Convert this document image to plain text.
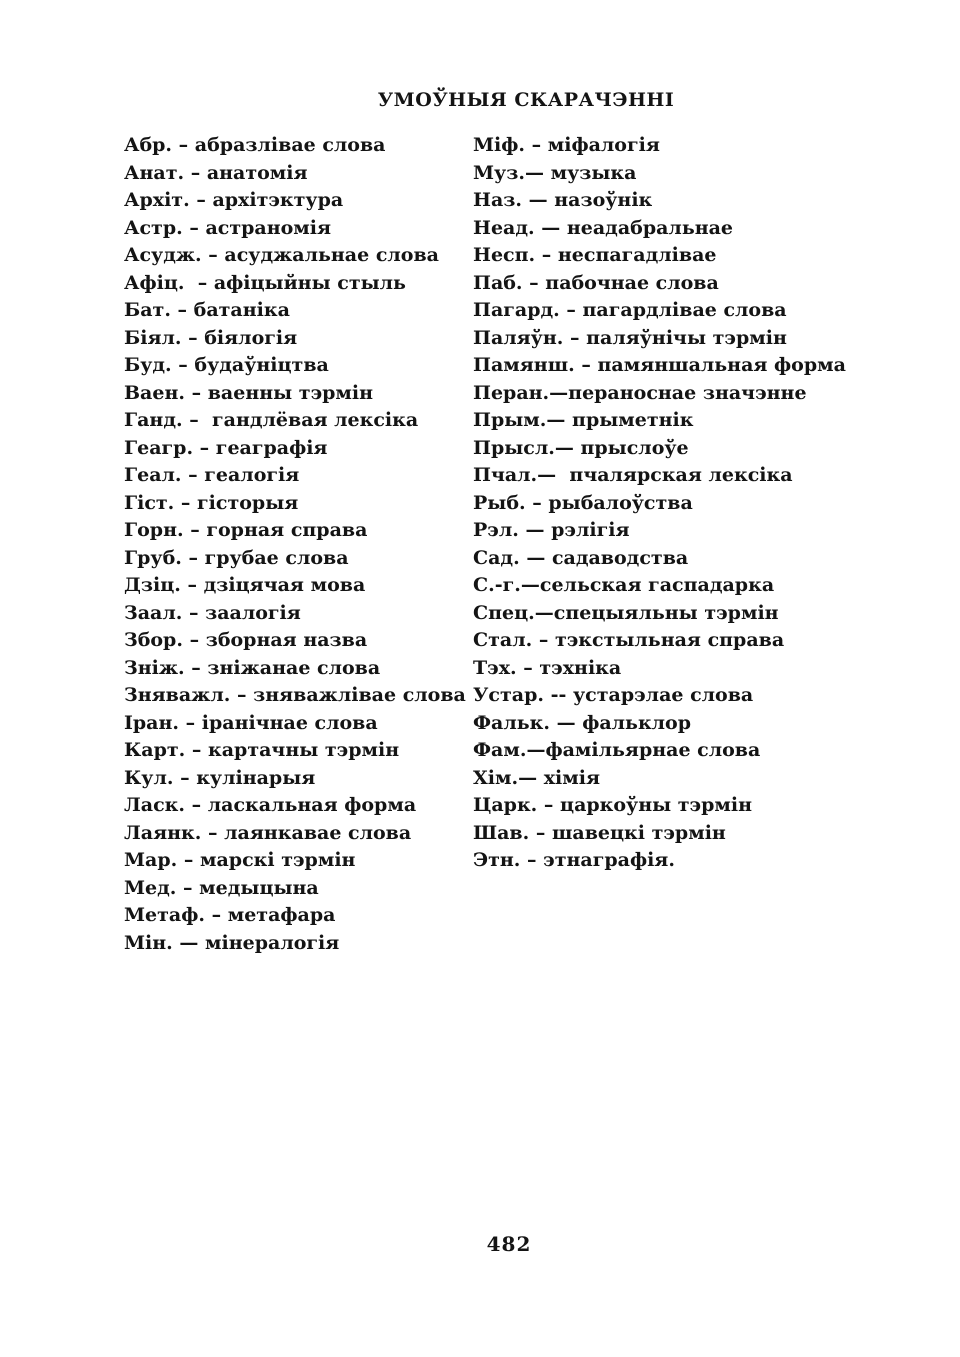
УМОЎНЫЯ СКАРАЧЭННІ
Абр. – абразлівае слова
Анат. – анатомія
Архіт. – архітэктура
Астр. – астраномія
Асудж. – асуджальнае слова
Афіц.  – афіцыйны стыль
Бат. – батаніка
Біял. – біялогія
Буд. – будаўніцтва
Ваен. – ваенны тэрмін
Ганд. –  гандлёвая лексіка
Геагр. – геаграфія
Геал. – геалогія
Гіст. – гісторыя
Горн. – горная справа
Груб. – грубае слова
Дзіц. – дзіцячая мова
Заал. – заалогія
Збор. – зборная назва
Зніж. – зніжанае слова
Зняважл. – зняважлівае слова
Іран. – іранічнае слова
Карт. – картачны тэрмін
Кул. – кулінарыя
Ласк. – ласкальная форма
Лаянк. – лаянкавае слова
Мар. – марскі тэрмін
Мед. – медыцына
Метаф. – метафара
Мін. — мінералогія
Міф. – міфалогія
Муз.— музыка
Наз. — назоўнік
Неад. — неадабральнае
Несп. – неспагадлівае
Паб. – пабочнае слова
Пагард. – пагардлівае слова
Паляўн. – паляўнічы тэрмін
Памянш. – памяншальная форма
Перан.—пераноснае значэнне
Прым.— прыметнік
Прысл.— прыслоўе
Пчал.—  пчалярская лексіка
Рыб. – рыбалоўства
Рэл. — рэлігія
Сад. — садаводства
С.-г.—сельская гаспадарка
Спец.—спецыяльны тэрмін
Стал. – тэкстыльная справа
Тэх. – тэхніка
Устар. -- устарэлае слова
Фальк. — фальклор
Фам.—фамільярнае слова
Хім.— хімія
Царк. – царкоўны тэрмін
Шав. – шавецкі тэрмін
Этн. – этнаграфія.
482
